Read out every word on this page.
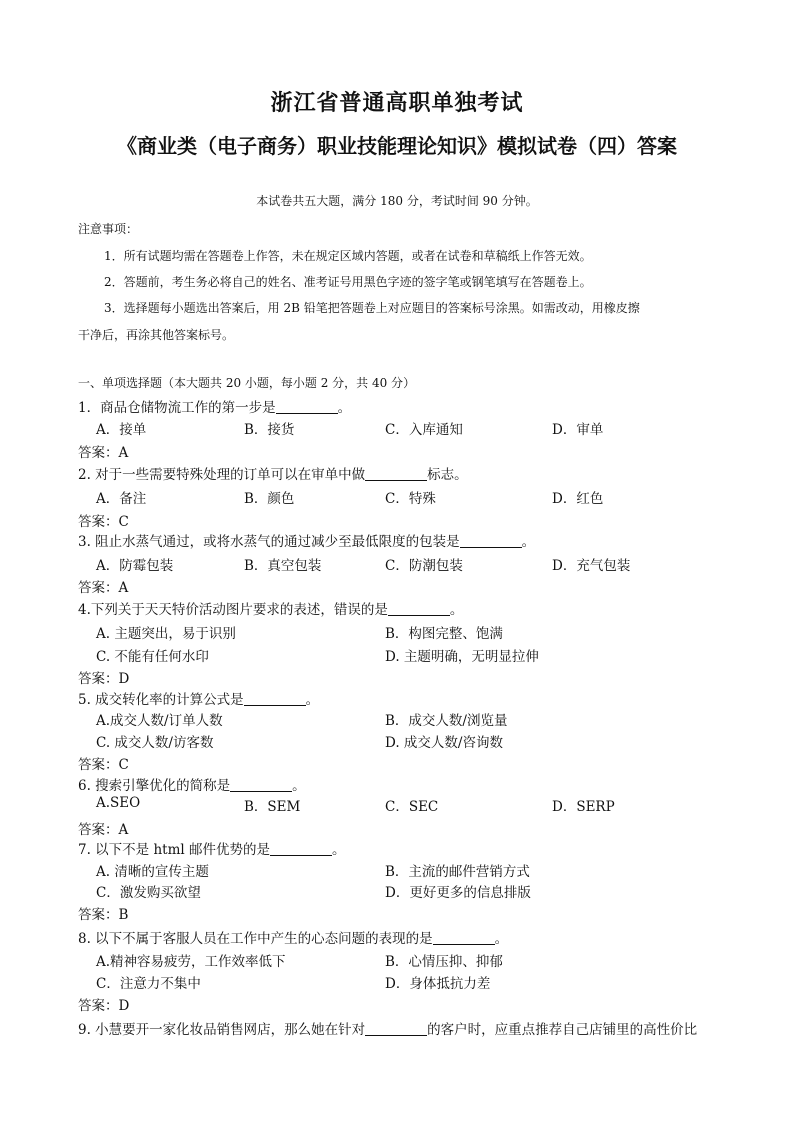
浙江省普通高职单独考试
《商业类（电子商务）职业技能理论知识》模拟试卷（四）答案
本试卷共五大题，满分 180 分，考试时间 90 分钟。
注意事项：
1．所有试题均需在答题卷上作答，未在规定区域内答题，或者在试卷和草稿纸上作答无效。
2．答题前，考生务必将自己的姓名、准考证号用黑色字迹的签字笔或钢笔填写在答题卷上。
3．选择题每小题选出答案后，用 2B 铅笔把答题卷上对应题目的答案标号涂黑。如需改动，用橡皮擦
干净后，再涂其他答案标号。
一、单项选择题（本大题共 20 小题，每小题 2 分，共 40 分）
1．商品仓储物流工作的第一步是	。
A．接单	B．接货	C．入库通知	D．审单
答案：A
2. 对于一些需要特殊处理的订单可以在审单中做	标志。
A．备注	B．颜色	C．特殊	D．红色
答案：C
3. 阻止水蒸气通过，或将水蒸气的通过减少至最低限度的包装是	。
A．防霉包装	B．真空包装	C．防潮包装	D．充气包装
答案：A
4.下列关于天天特价活动图片要求的表述，错误的是	。
A. 主题突出，易于识别	B．构图完整、饱满
C. 不能有任何水印	D. 主题明确，无明显拉伸
答案：D
5. 成交转化率的计算公式是	。
A.成交人数/订单人数	B．成交人数/浏览量
C. 成交人数/访客数	D. 成交人数/咨询数
答案：C
6. 搜索引擎优化的简称是	。
A.SEO	B．SEM	C．SEC	D．SERP
答案：A
7. 以下不是 html 邮件优势的是	。
A. 清晰的宣传主题	B．主流的邮件营销方式
C．激发购买欲望	D．更好更多的信息排版
答案：B
8. 以下不属于客服人员在工作中产生的心态问题的表现的是	。
A.精神容易疲劳，工作效率低下	B．心情压抑、抑郁
C．注意力不集中	D．身体抵抗力差
答案：D
9. 小慧要开一家化妆品销售网店，那么她在针对	的客户时，应重点推荐自己店铺里的高性价比
